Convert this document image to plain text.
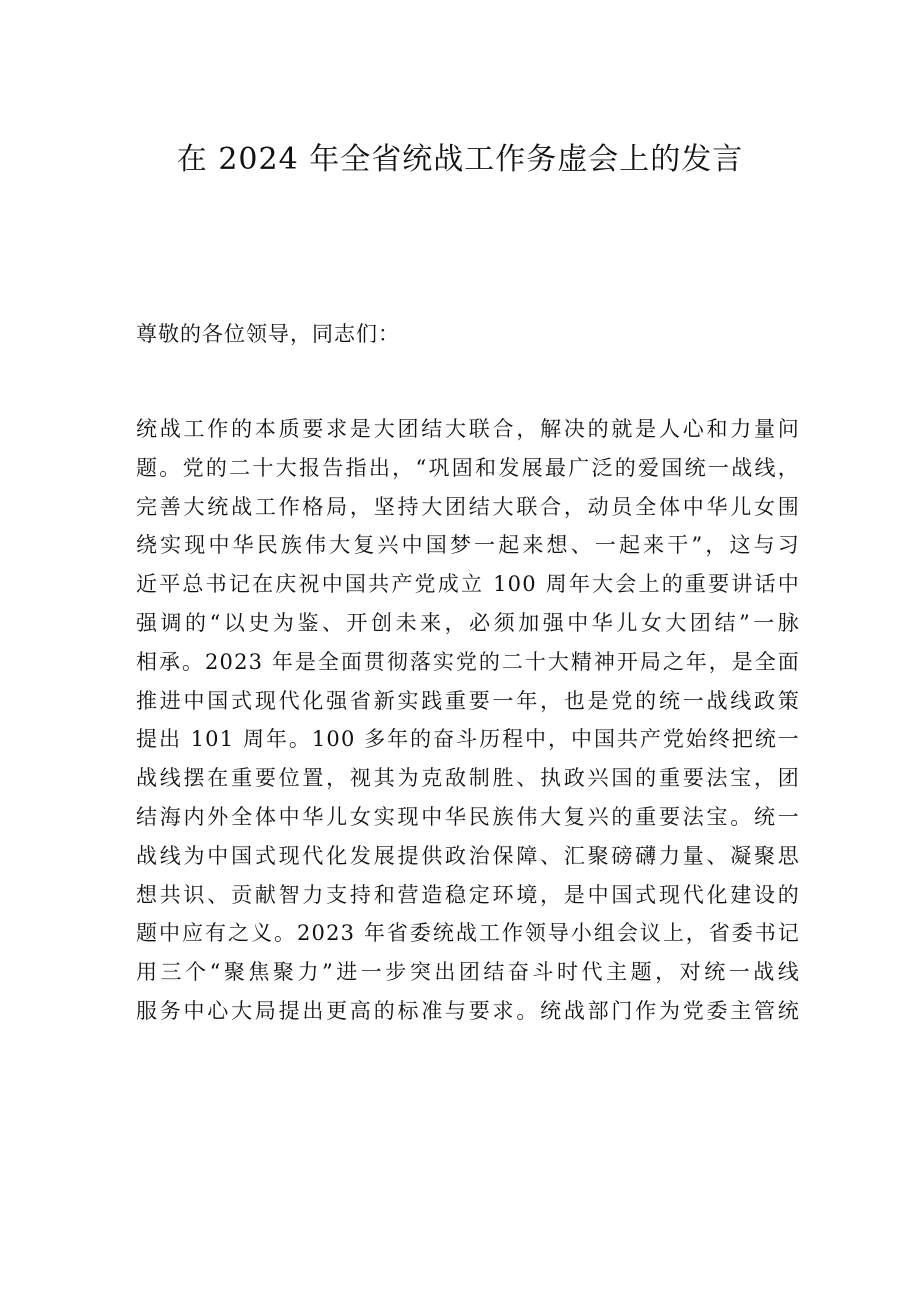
在 2024 年全省统战工作务虚会上的发言
尊敬的各位领导，同志们：
统战工作的本质要求是大团结大联合，解决的就是人心和力量问
题。党的二十大报告指出，“巩固和发展最广泛的爱国统一战线，
完善大统战工作格局，坚持大团结大联合，动员全体中华儿女围
绕实现中华民族伟大复兴中国梦一起来想、一起来干”，这与习
近平总书记在庆祝中国共产党成立 100 周年大会上的重要讲话中
强调的“以史为鉴、开创未来，必须加强中华儿女大团结”一脉
相承。2023 年是全面贯彻落实党的二十大精神开局之年，是全面
推进中国式现代化强省新实践重要一年，也是党的统一战线政策
提出 101 周年。100 多年的奋斗历程中，中国共产党始终把统一
战线摆在重要位置，视其为克敌制胜、执政兴国的重要法宝，团
结海内外全体中华儿女实现中华民族伟大复兴的重要法宝。统一
战线为中国式现代化发展提供政治保障、汇聚磅礴力量、凝聚思
想共识、贡献智力支持和营造稳定环境，是中国式现代化建设的
题中应有之义。2023 年省委统战工作领导小组会议上，省委书记
用三个“聚焦聚力”进一步突出团结奋斗时代主题，对统一战线
服务中心大局提出更高的标准与要求。统战部门作为党委主管统
